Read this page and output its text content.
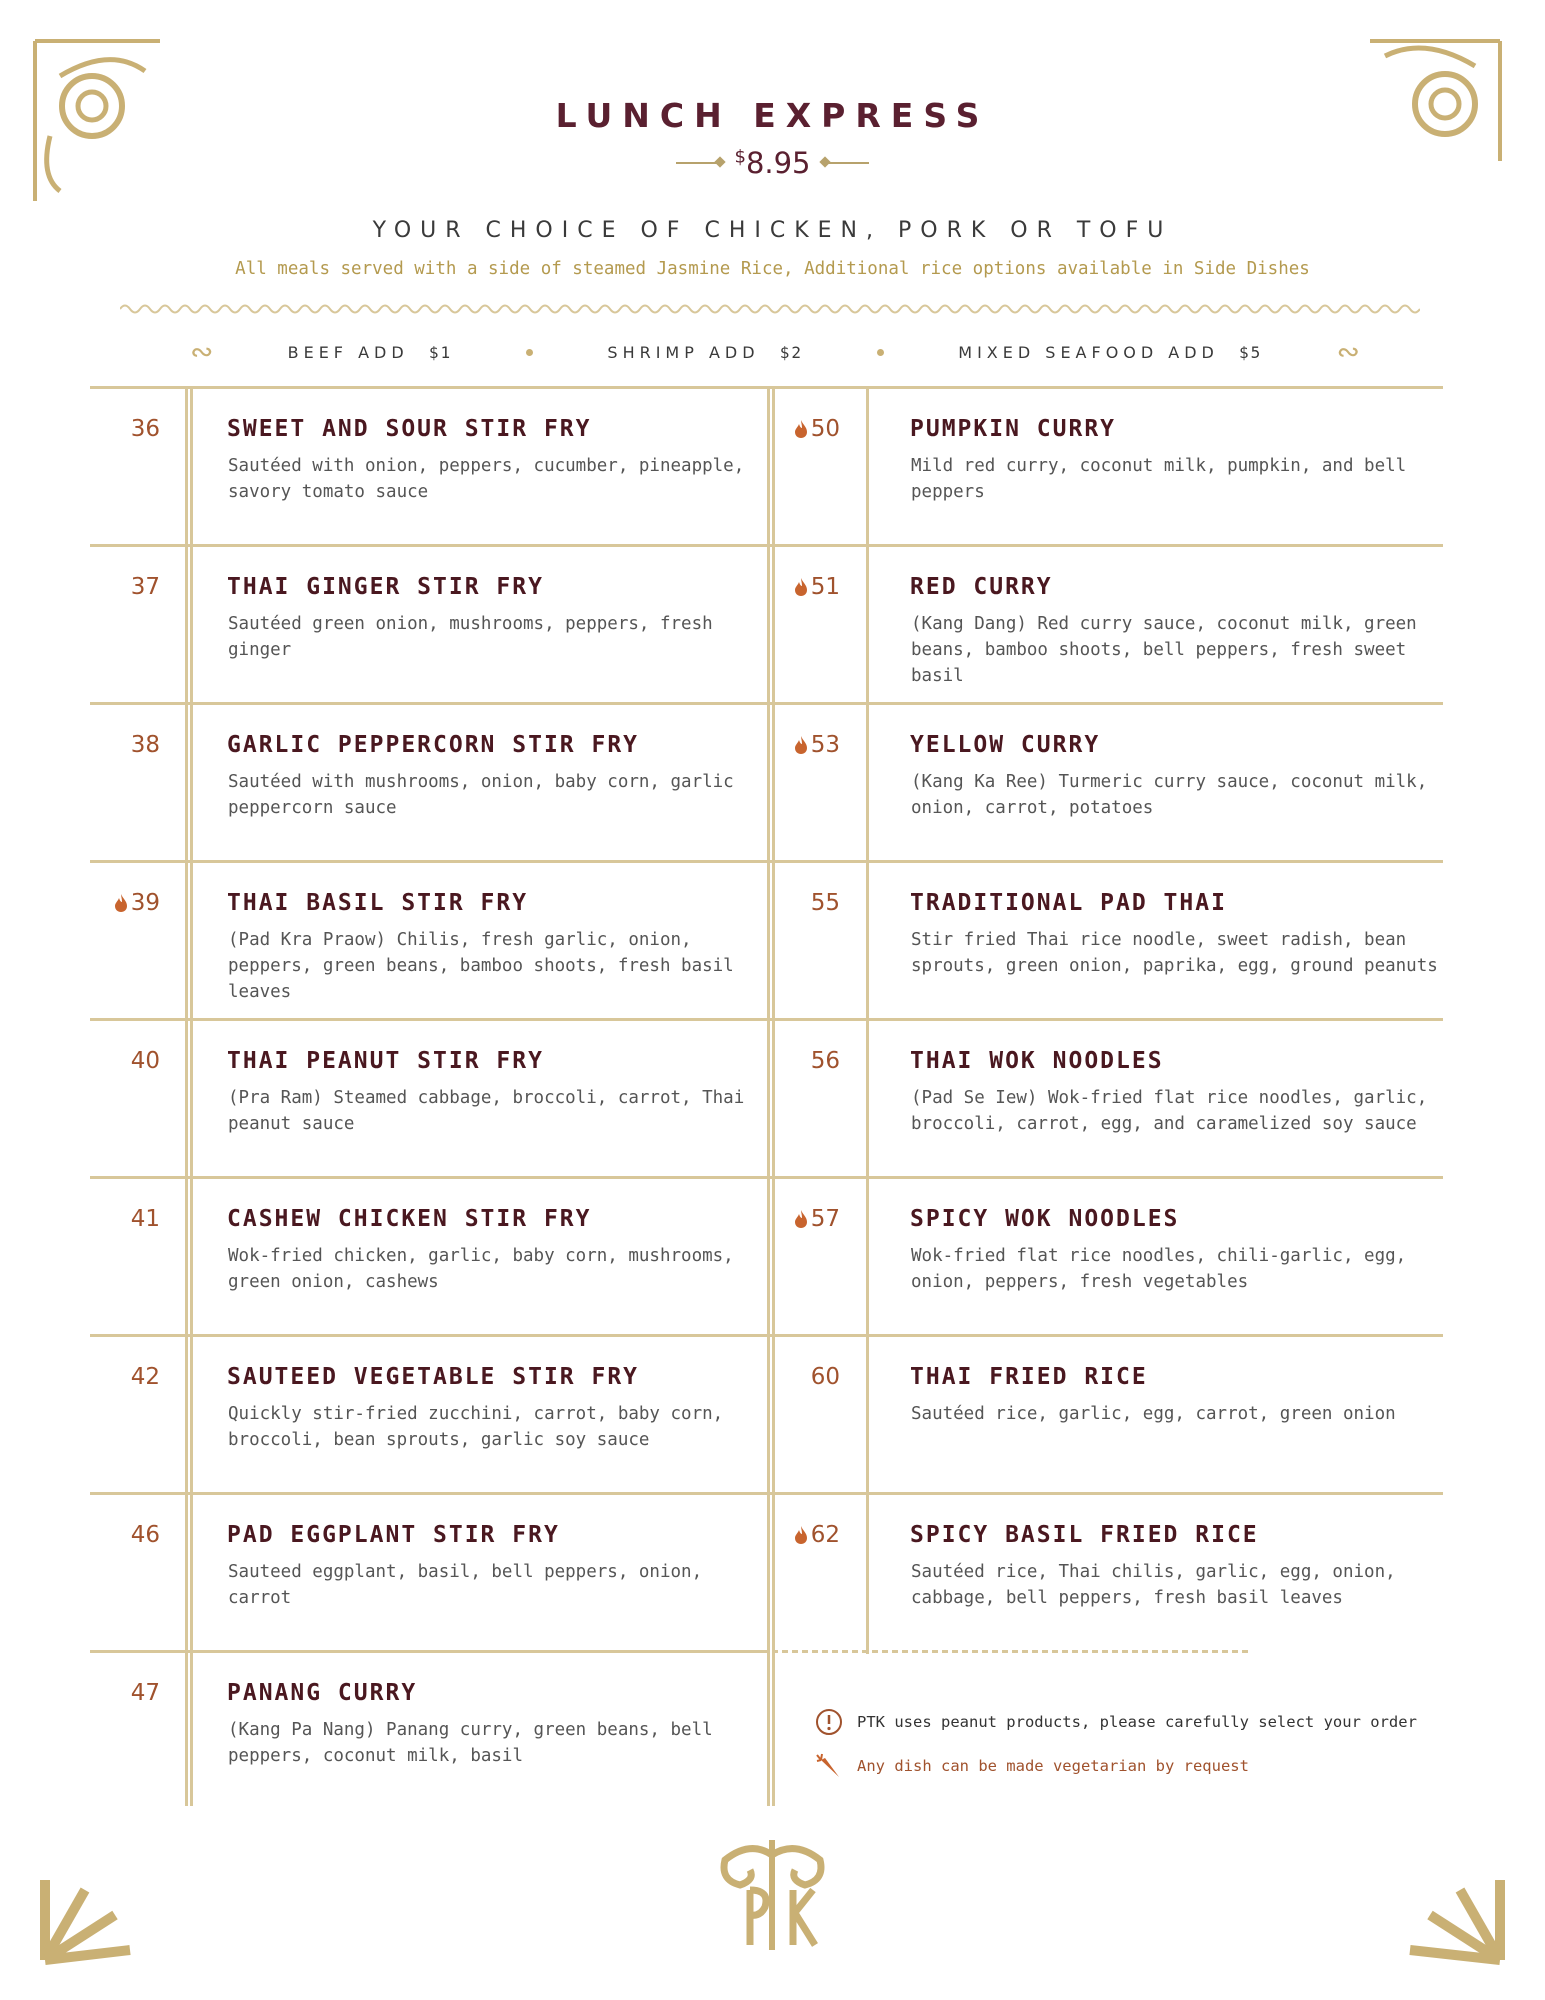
LUNCH EXPRESS
$8.95
YOUR CHOICE OF CHICKEN, PORK OR TOFU
All meals served with a side of steamed Jasmine Rice, Additional rice options available in Side Dishes
∾	BEEF ADD $1	SHRIMP ADD $2	MIXED SEAFOOD ADD $5	∾
36	SWEET AND SOUR STIR FRY
Sautéed with onion, peppers, cucumber, pineapple, savory tomato sauce
37	THAI GINGER STIR FRY
Sautéed green onion, mushrooms, peppers, fresh ginger
38	GARLIC PEPPERCORN STIR FRY
Sautéed with mushrooms, onion, baby corn, garlic peppercorn sauce
39	THAI BASIL STIR FRY
(Pad Kra Praow) Chilis, fresh garlic, onion, peppers, green beans, bamboo shoots, fresh basil leaves
40	THAI PEANUT STIR FRY
(Pra Ram) Steamed cabbage, broccoli, carrot, Thai peanut sauce
41	CASHEW CHICKEN STIR FRY
Wok-fried chicken, garlic, baby corn, mushrooms, green onion, cashews
42	SAUTEED VEGETABLE STIR FRY
Quickly stir-fried zucchini, carrot, baby corn, broccoli, bean sprouts, garlic soy sauce
46	PAD EGGPLANT STIR FRY
Sauteed eggplant, basil, bell peppers, onion, carrot
47	PANANG CURRY
(Kang Pa Nang) Panang curry, green beans, bell peppers, coconut milk, basil
50	PUMPKIN CURRY
Mild red curry, coconut milk, pumpkin, and bell peppers
51	RED CURRY
(Kang Dang) Red curry sauce, coconut milk, green beans, bamboo shoots, bell peppers, fresh sweet basil
53	YELLOW CURRY
(Kang Ka Ree) Turmeric curry sauce, coconut milk, onion, carrot, potatoes
55	TRADITIONAL PAD THAI
Stir fried Thai rice noodle, sweet radish, bean sprouts, green onion, paprika, egg, ground peanuts
56	THAI WOK NOODLES
(Pad Se Iew) Wok-fried flat rice noodles, garlic, broccoli, carrot, egg, and caramelized soy sauce
57	SPICY WOK NOODLES
Wok-fried flat rice noodles, chili-garlic, egg, onion, peppers, fresh vegetables
60	THAI FRIED RICE
Sautéed rice, garlic, egg, carrot, green onion
62	SPICY BASIL FRIED RICE
Sautéed rice, Thai chilis, garlic, egg, onion, cabbage, bell peppers, fresh basil leaves
PTK uses peanut products, please carefully select your order
Any dish can be made vegetarian by request
